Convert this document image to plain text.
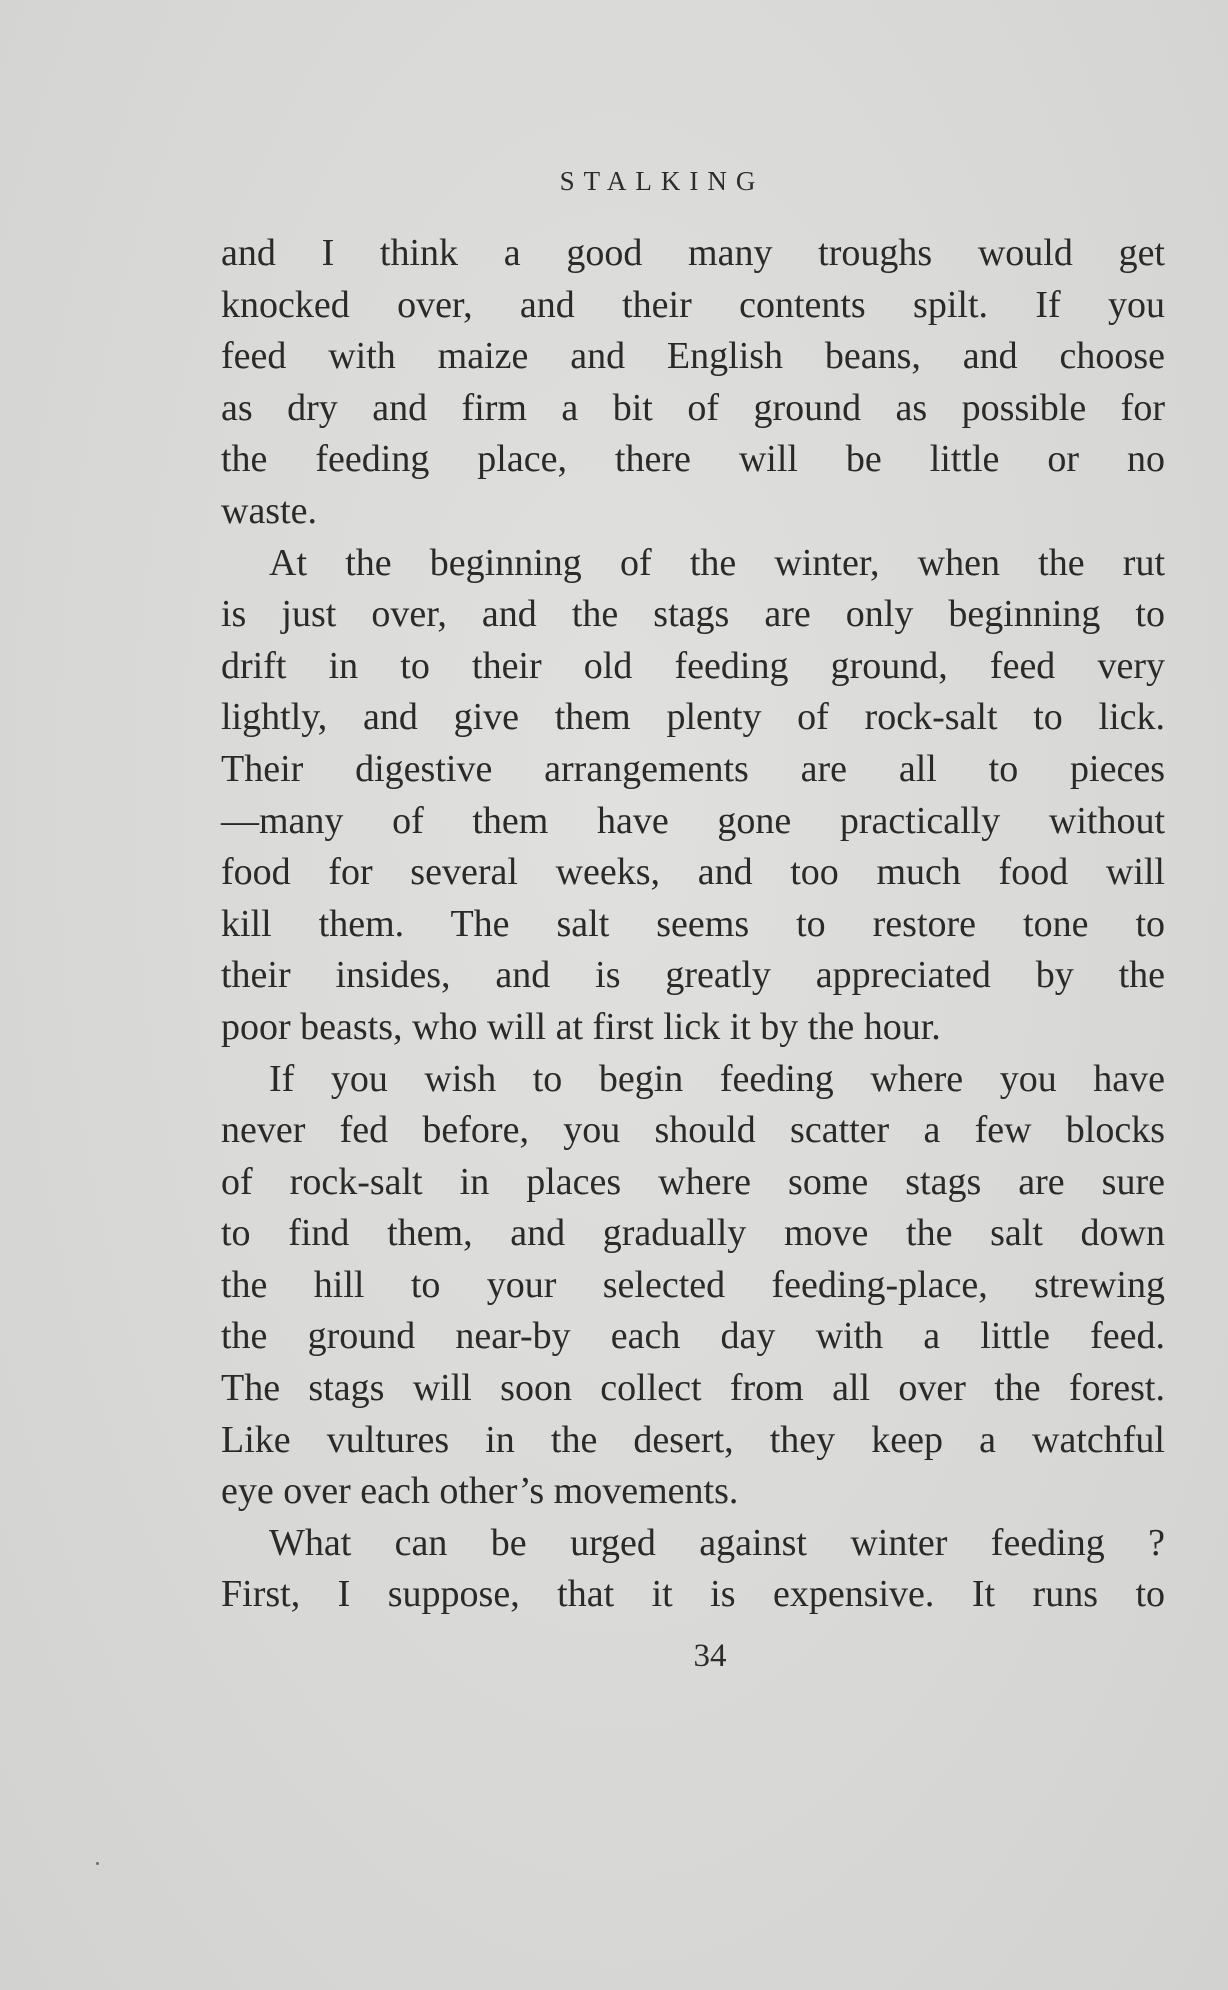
STALKING
and I think a good many troughs would get
knocked over, and their contents spilt. If you
feed with maize and English beans, and choose
as dry and firm a bit of ground as possible for
the feeding place, there will be little or no
waste.
At the beginning of the winter, when the rut
is just over, and the stags are only beginning to
drift in to their old feeding ground, feed very
lightly, and give them plenty of rock-salt to lick.
Their digestive arrangements are all to pieces
—many of them have gone practically without
food for several weeks, and too much food will
kill them. The salt seems to restore tone to
their insides, and is greatly appreciated by the
poor beasts, who will at first lick it by the hour.
If you wish to begin feeding where you have
never fed before, you should scatter a few blocks
of rock-salt in places where some stags are sure
to find them, and gradually move the salt down
the hill to your selected feeding-place, strewing
the ground near-by each day with a little feed.
The stags will soon collect from all over the forest.
Like vultures in the desert, they keep a watchful
eye over each other’s movements.
What can be urged against winter feeding ?
First, I suppose, that it is expensive. It runs to
34
